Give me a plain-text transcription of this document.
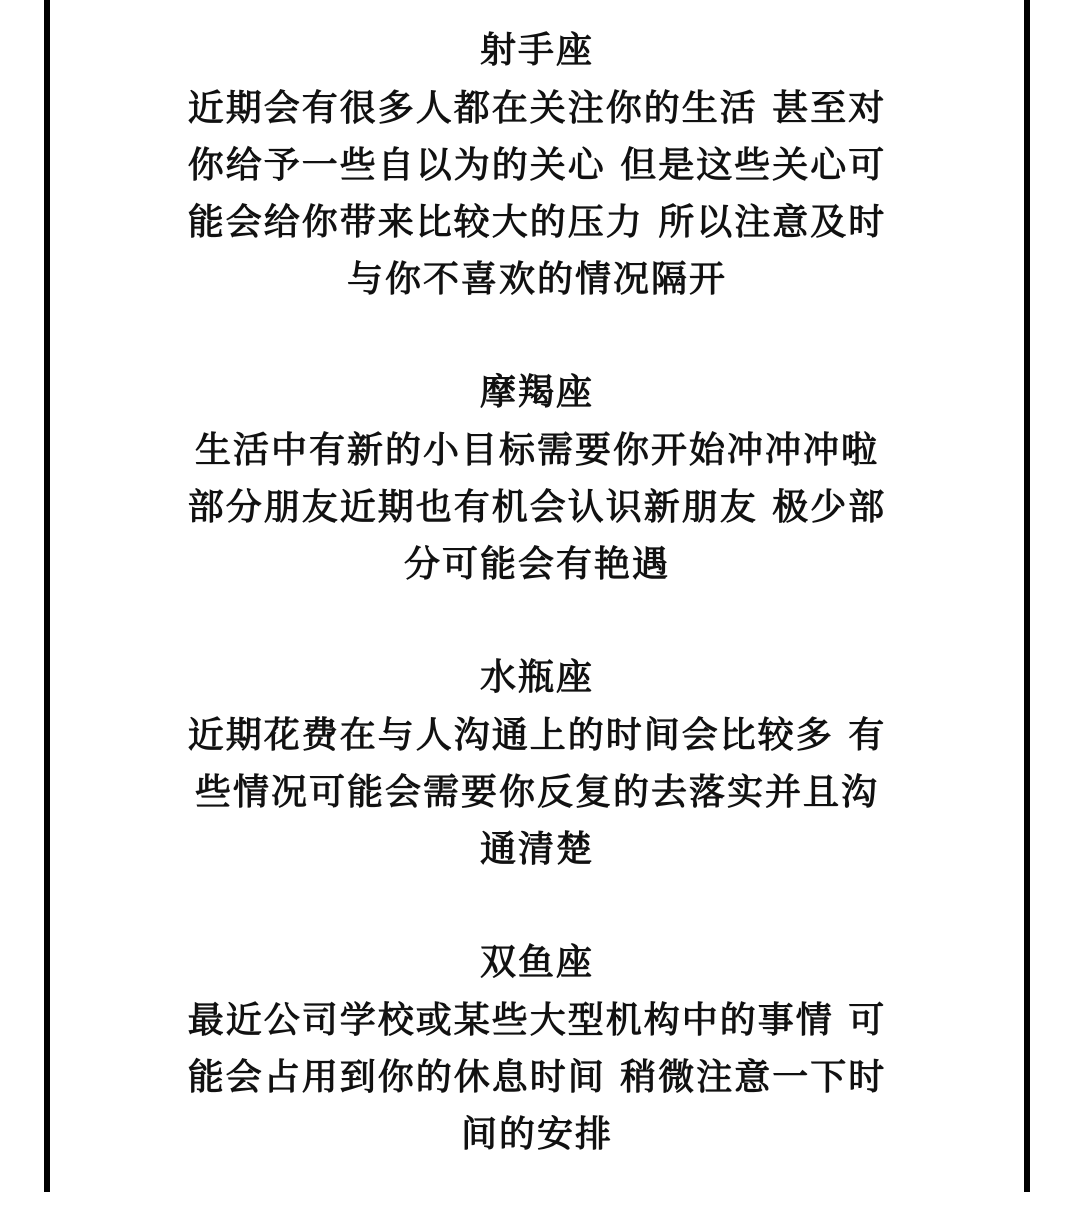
射手座
近期会有很多人都在关注你的生活 甚至对
你给予一些自以为的关心 但是这些关心可
能会给你带来比较大的压力 所以注意及时
与你不喜欢的情况隔开
摩羯座
生活中有新的小目标需要你开始冲冲冲啦
部分朋友近期也有机会认识新朋友 极少部
分可能会有艳遇
水瓶座
近期花费在与人沟通上的时间会比较多 有
些情况可能会需要你反复的去落实并且沟
通清楚
双鱼座
最近公司学校或某些大型机构中的事情 可
能会占用到你的休息时间 稍微注意一下时
间的安排
